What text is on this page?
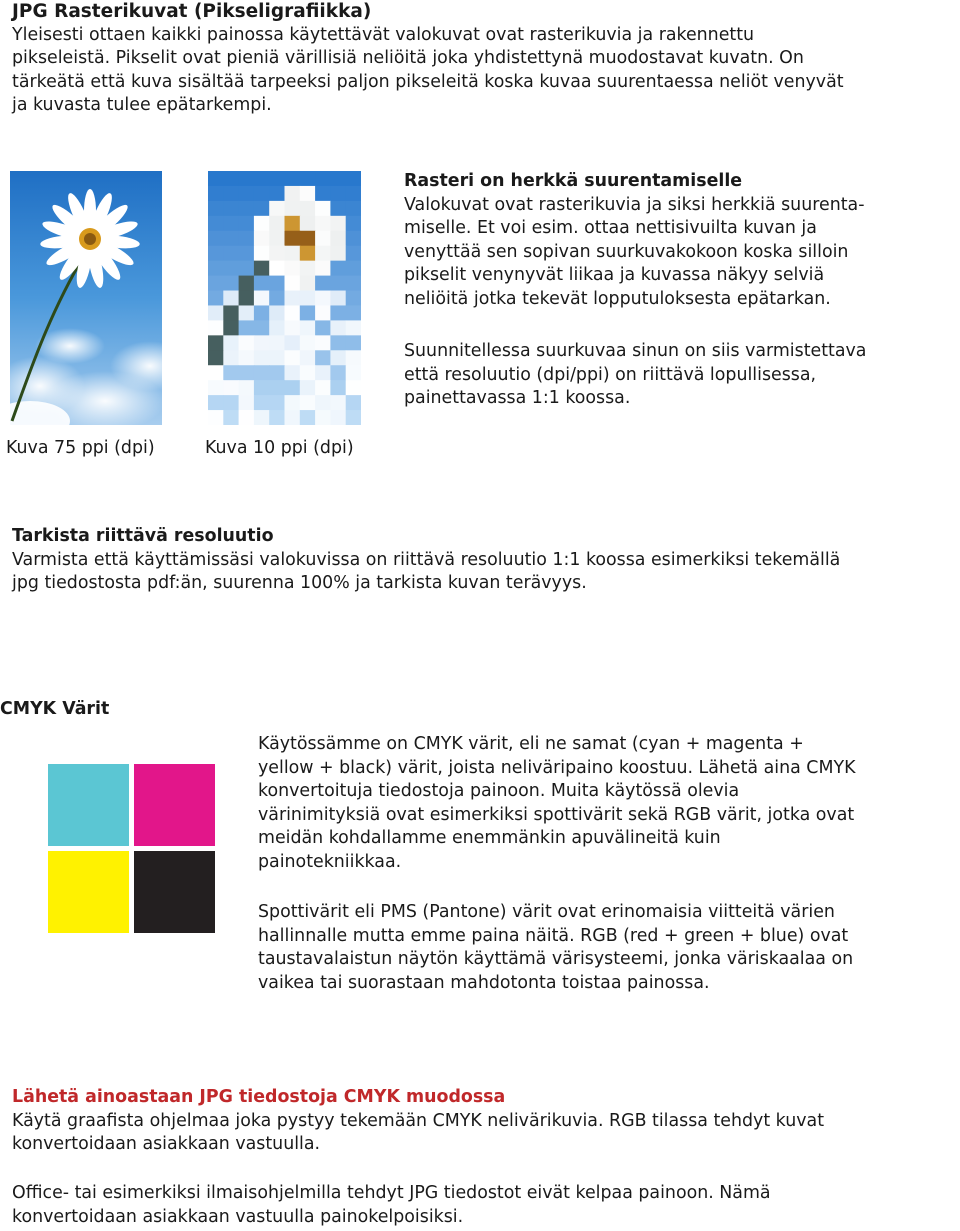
JPG Rasterikuvat (Pikseligrafiikka)
Yleisesti ottaen kaikki painossa käytettävät valokuvat ovat rasterikuvia ja rakennettu
pikseleistä. Pikselit ovat pieniä värillisiä neliöitä joka yhdistettynä muodostavat kuvatn. On
tärkeätä että kuva sisältää tarpeeksi paljon pikseleitä koska kuvaa suurentaessa neliöt venyvät
ja kuvasta tulee epätarkempi.
Kuva 75 ppi (dpi)	Kuva 10 ppi (dpi)
Rasteri on herkkä suurentamiselle
Valokuvat ovat rasterikuvia ja siksi herkkiä suurenta-
miselle. Et voi esim. ottaa nettisivuilta kuvan ja
venyttää sen sopivan suurkuvakokoon koska silloin
pikselit venynyvät liikaa ja kuvassa näkyy selviä
neliöitä jotka tekevät lopputuloksesta epätarkan.
Suunnitellessa suurkuvaa sinun on siis varmistettava
että resoluutio (dpi/ppi) on riittävä lopullisessa,
painettavassa 1:1 koossa.
Tarkista riittävä resoluutio
Varmista että käyttämissäsi valokuvissa on riittävä resoluutio 1:1 koossa esimerkiksi tekemällä
jpg tiedostosta pdf:än, suurenna 100% ja tarkista kuvan terävyys.
CMYK Värit
Käytössämme on CMYK värit, eli ne samat (cyan + magenta +
yellow + black) värit, joista neliväripaino koostuu. Lähetä aina CMYK
konvertoituja tiedostoja painoon. Muita käytössä olevia
värinimityksiä ovat esimerkiksi spottivärit sekä RGB värit, jotka ovat
meidän kohdallamme enemmänkin apuvälineitä kuin
painotekniikkaa.
Spottivärit eli PMS (Pantone) värit ovat erinomaisia viitteitä värien
hallinnalle mutta emme paina näitä. RGB (red + green + blue) ovat
taustavalaistun näytön käyttämä värisysteemi, jonka väriskaalaa on
vaikea tai suorastaan mahdotonta toistaa painossa.
Lähetä ainoastaan JPG tiedostoja CMYK muodossa
Käytä graafista ohjelmaa joka pystyy tekemään CMYK nelivärikuvia. RGB tilassa tehdyt kuvat
konvertoidaan asiakkaan vastuulla.
Office- tai esimerkiksi ilmaisohjelmilla tehdyt JPG tiedostot eivät kelpaa painoon. Nämä
konvertoidaan asiakkaan vastuulla painokelpoisiksi.
